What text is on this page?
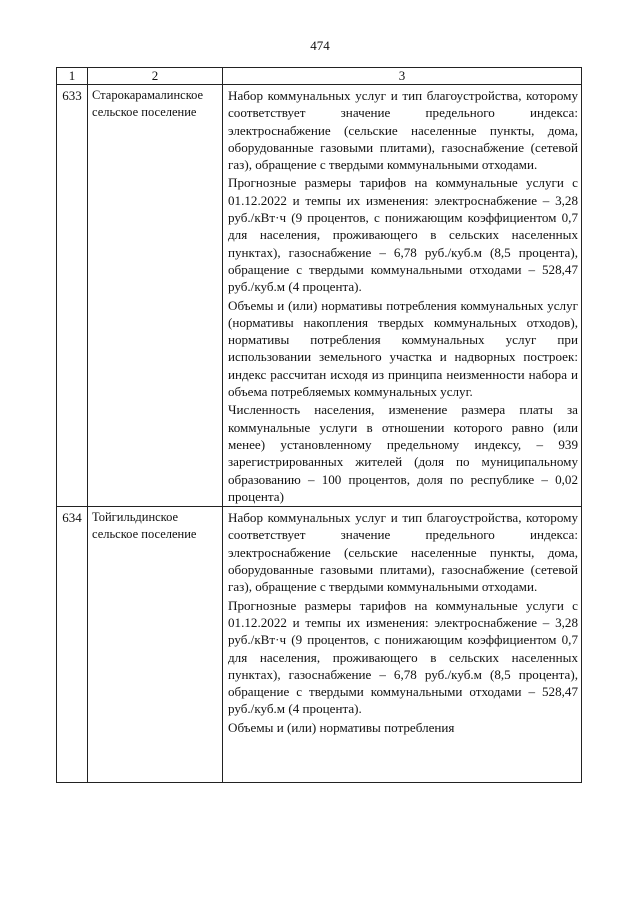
474
1	2	3
633	Старокарамалинское сельское поселение	Набор коммунальных услуг и тип благоустройства, которому соответствует значение предельного индекса: электроснабжение (сельские населенные пункты, дома, оборудованные газовыми плитами), газоснабжение (сетевой газ), обращение с твердыми коммунальными отходами.

Прогнозные размеры тарифов на коммунальные услуги с 01.12.2022 и темпы их изменения: электроснабжение – 3,28 руб./кВт·ч (9 процентов, с понижающим коэффициентом 0,7 для населения, проживающего в сельских населенных пунктах), газоснабжение – 6,78 руб./куб.м (8,5 процента), обращение с твердыми коммунальными отходами – 528,47 руб./куб.м (4 процента).

Объемы и (или) нормативы потребления коммунальных услуг (нормативы накопления твердых коммунальных отходов), нормативы потребления коммунальных услуг при использовании земельного участка и надворных построек: индекс рассчитан исходя из принципа неизменности набора и объема потребляемых коммунальных услуг.

Численность населения, изменение размера платы за коммунальные услуги в отношении которого равно (или менее) установленному предельному индексу, – 939 зарегистрированных жителей (доля по муниципальному образованию – 100 процентов, доля по республике – 0,02 процента)

634	Тойгильдинское сельское поселение	Набор коммунальных услуг и тип благоустройства, которому соответствует значение предельного индекса: электроснабжение (сельские населенные пункты, дома, оборудованные газовыми плитами), газоснабжение (сетевой газ), обращение с твердыми коммунальными отходами.

Прогнозные размеры тарифов на коммунальные услуги с 01.12.2022 и темпы их изменения: электроснабжение – 3,28 руб./кВт·ч (9 процентов, с понижающим коэффициентом 0,7 для населения, проживающего в сельских населенных пунктах), газоснабжение – 6,78 руб./куб.м (8,5 процента), обращение с твердыми коммунальными отходами – 528,47 руб./куб.м (4 процента).

Объемы и (или) нормативы потребления
